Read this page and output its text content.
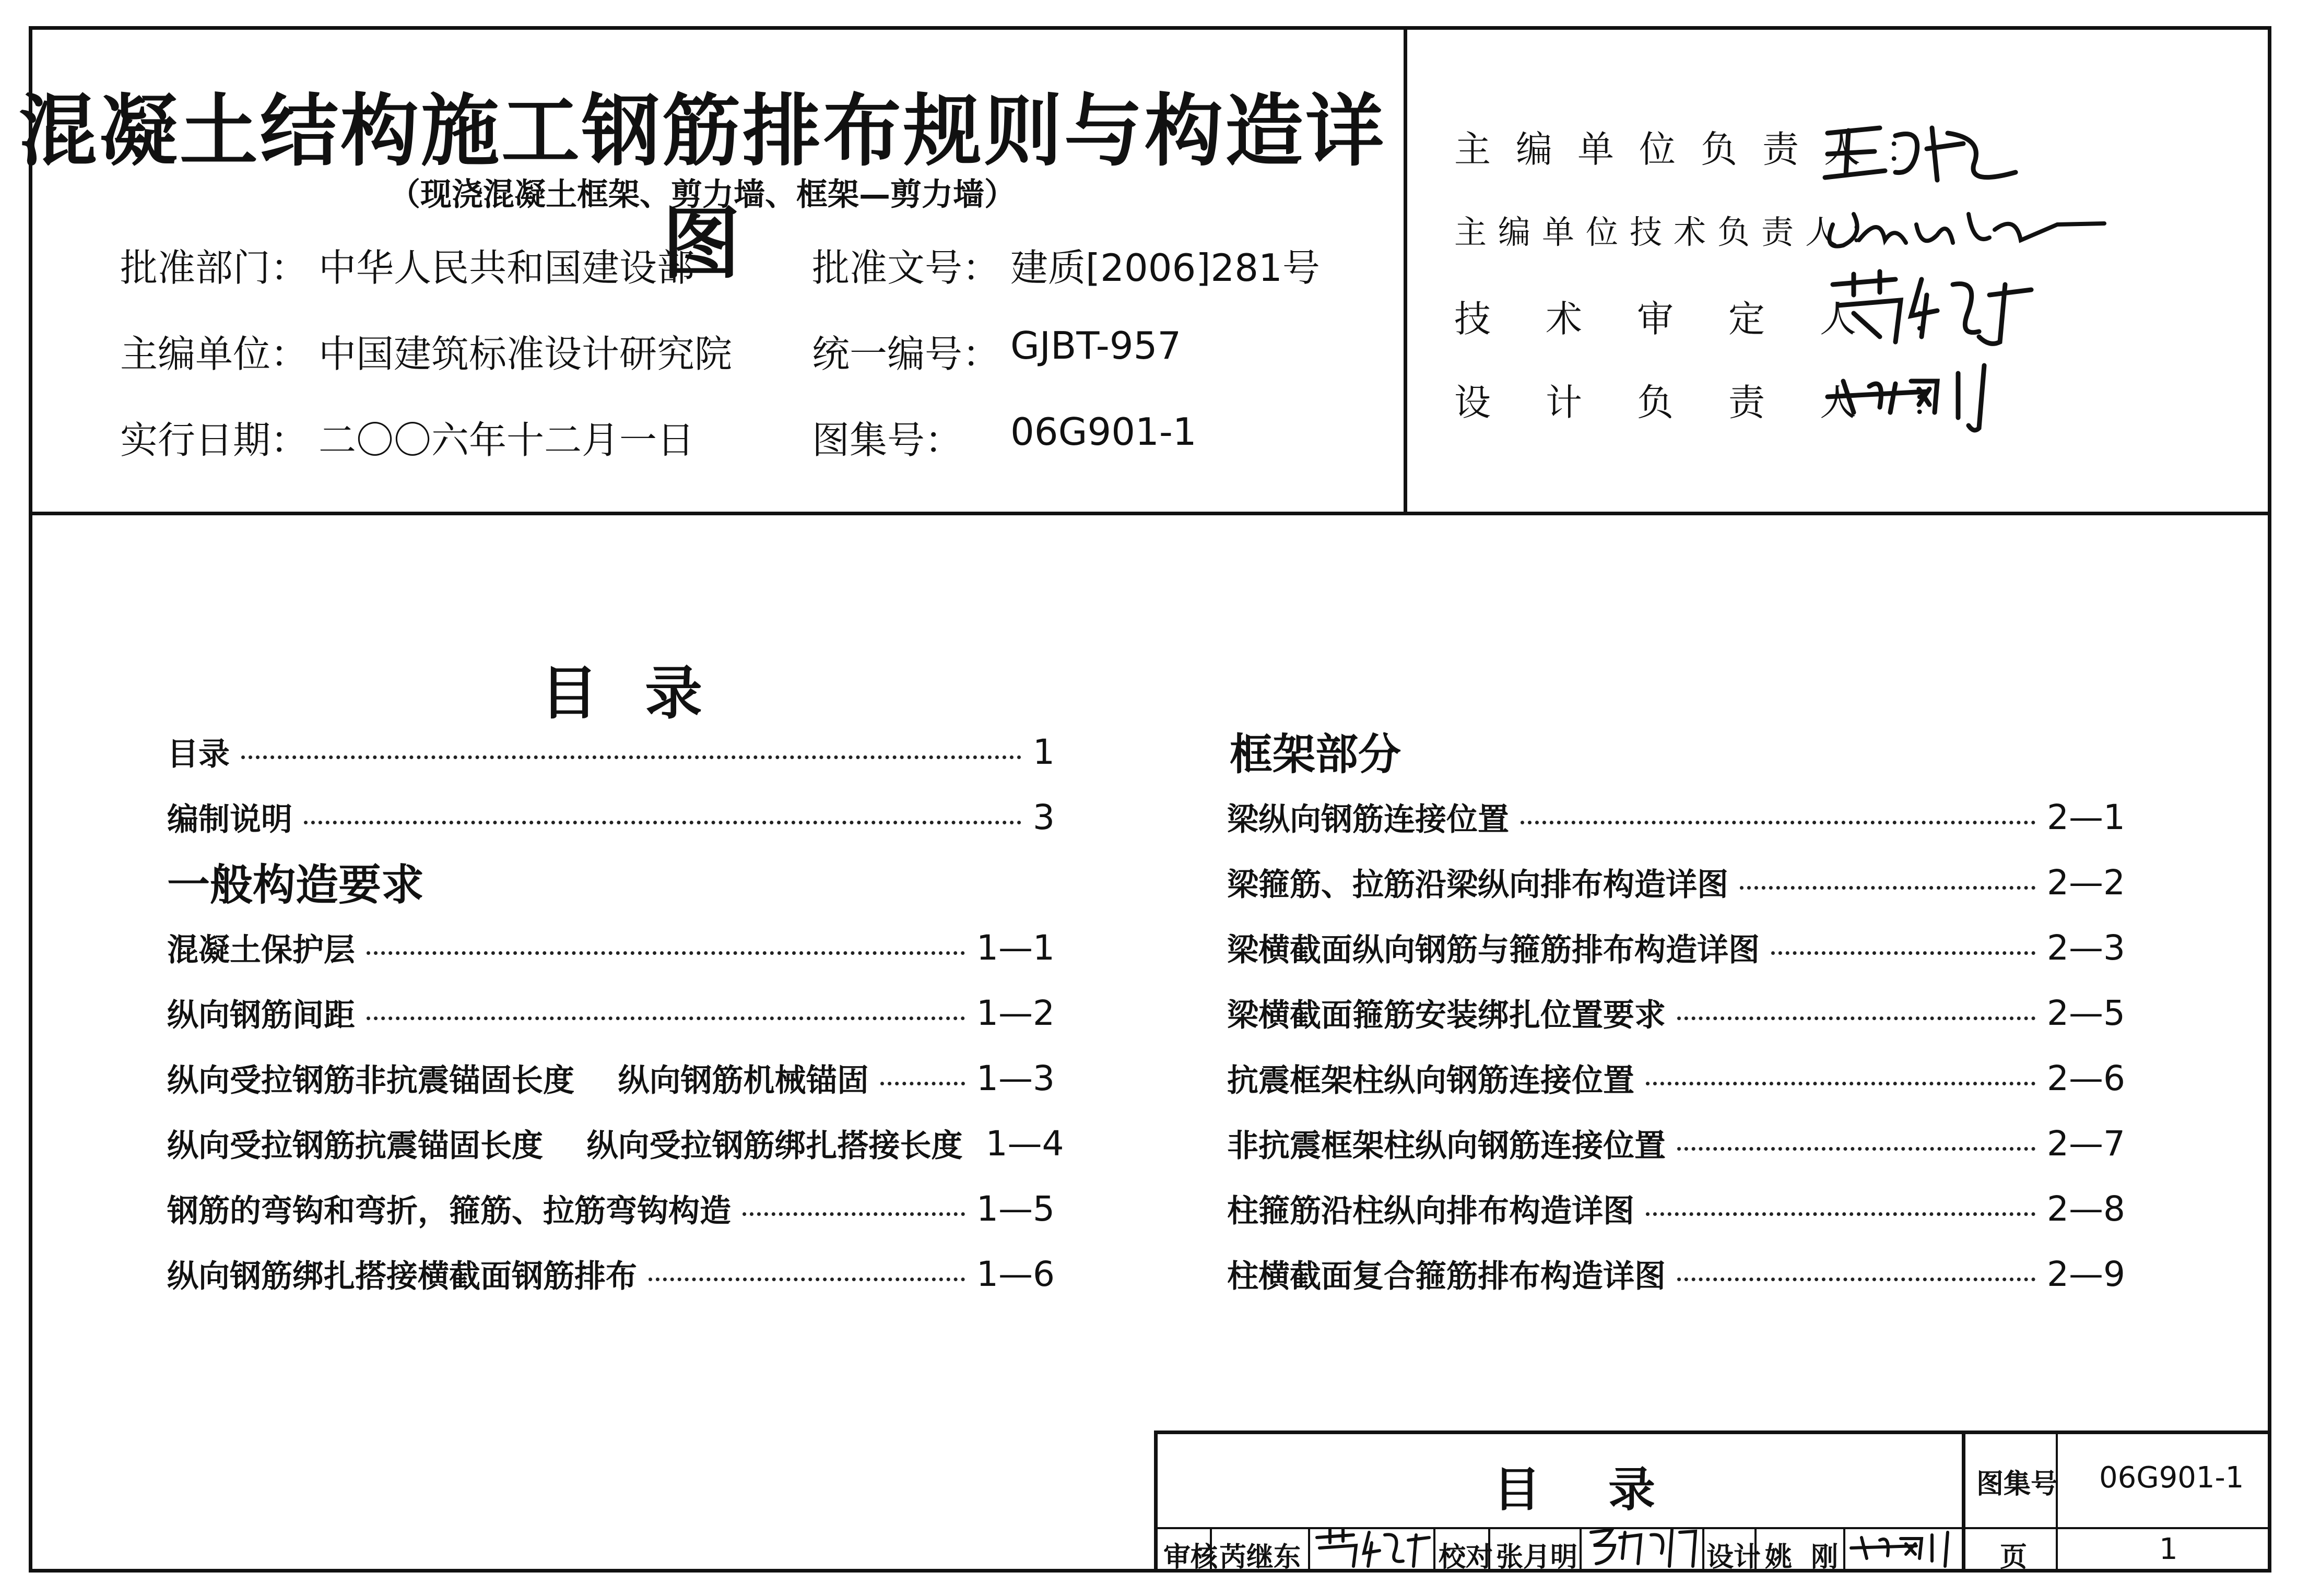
混凝土结构施工钢筋排布规则与构造详图
（现浇混凝土框架、剪力墙、框架—剪力墙）
批准部门： 中华人民共和国建设部	批准文号： 建质[2006]281号
主编单位： 中国建筑标准设计研究院 统一编号： GJBT-957
实行日期： 二〇〇六年十二月一日	图集号： 06G901-1
主编单位负责人：
主编单位技术负责人：
技术审定人：
设计负责人：
目录
目录	1
编制说明	3
一般构造要求
混凝土保护层	1—1
纵向钢筋间距	1—2
纵向受拉钢筋非抗震锚固长度    纵向钢筋机械锚固	1—3
纵向受拉钢筋抗震锚固长度    纵向受拉钢筋绑扎搭接长度 1—4
钢筋的弯钩和弯折，箍筋、拉筋弯钩构造	1—5
纵向钢筋绑扎搭接横截面钢筋排布	1—6
框架部分
梁纵向钢筋连接位置	2—1
梁箍筋、拉筋沿梁纵向排布构造详图	2—2
梁横截面纵向钢筋与箍筋排布构造详图	2—3
梁横截面箍筋安装绑扎位置要求	2—5
抗震框架柱纵向钢筋连接位置	2—6
非抗震框架柱纵向钢筋连接位置	2—7
柱箍筋沿柱纵向排布构造详图	2—8
柱横截面复合箍筋排布构造详图	2—9
目录	图集号 06G901-1
审核 芮继东	校对 张月明	设计 姚  刚	页	1
